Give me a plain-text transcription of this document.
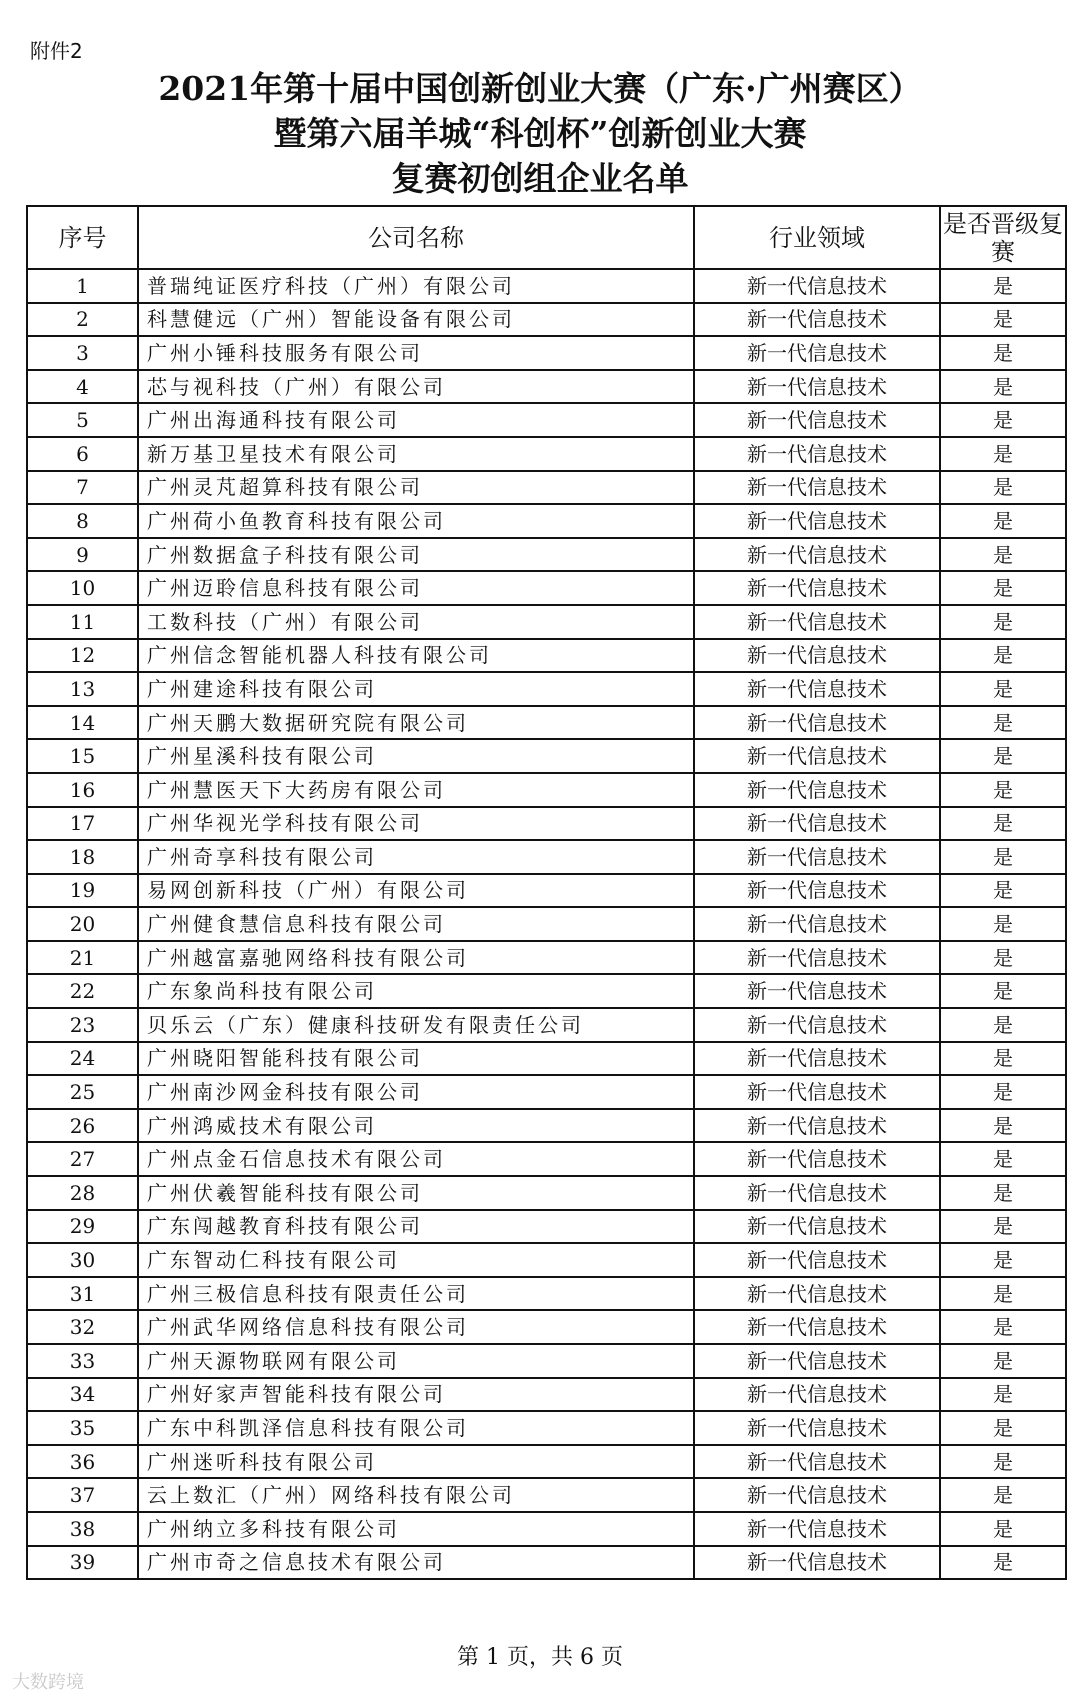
附件2
2021年第十届中国创新创业大赛（广东·广州赛区）
暨第六届羊城“科创杯”创新创业大赛
复赛初创组企业名单
序号	公司名称	行业领域	是否晋级复赛
1	普瑞纯证医疗科技（广州）有限公司	新一代信息技术	是
2	科慧健远（广州）智能设备有限公司	新一代信息技术	是
3	广州小锤科技服务有限公司	新一代信息技术	是
4	芯与视科技（广州）有限公司	新一代信息技术	是
5	广州出海通科技有限公司	新一代信息技术	是
6	新万基卫星技术有限公司	新一代信息技术	是
7	广州灵芃超算科技有限公司	新一代信息技术	是
8	广州荷小鱼教育科技有限公司	新一代信息技术	是
9	广州数据盒子科技有限公司	新一代信息技术	是
10	广州迈聆信息科技有限公司	新一代信息技术	是
11	工数科技（广州）有限公司	新一代信息技术	是
12	广州信念智能机器人科技有限公司	新一代信息技术	是
13	广州建途科技有限公司	新一代信息技术	是
14	广州天鹏大数据研究院有限公司	新一代信息技术	是
15	广州星溪科技有限公司	新一代信息技术	是
16	广州慧医天下大药房有限公司	新一代信息技术	是
17	广州华视光学科技有限公司	新一代信息技术	是
18	广州奇享科技有限公司	新一代信息技术	是
19	易网创新科技（广州）有限公司	新一代信息技术	是
20	广州健食慧信息科技有限公司	新一代信息技术	是
21	广州越富嘉驰网络科技有限公司	新一代信息技术	是
22	广东象尚科技有限公司	新一代信息技术	是
23	贝乐云（广东）健康科技研发有限责任公司	新一代信息技术	是
24	广州晓阳智能科技有限公司	新一代信息技术	是
25	广州南沙网金科技有限公司	新一代信息技术	是
26	广州鸿威技术有限公司	新一代信息技术	是
27	广州点金石信息技术有限公司	新一代信息技术	是
28	广州伏羲智能科技有限公司	新一代信息技术	是
29	广东闯越教育科技有限公司	新一代信息技术	是
30	广东智动仁科技有限公司	新一代信息技术	是
31	广州三极信息科技有限责任公司	新一代信息技术	是
32	广州武华网络信息科技有限公司	新一代信息技术	是
33	广州天源物联网有限公司	新一代信息技术	是
34	广州好家声智能科技有限公司	新一代信息技术	是
35	广东中科凯泽信息科技有限公司	新一代信息技术	是
36	广州迷听科技有限公司	新一代信息技术	是
37	云上数汇（广州）网络科技有限公司	新一代信息技术	是
38	广州纳立多科技有限公司	新一代信息技术	是
39	广州市奇之信息技术有限公司	新一代信息技术	是
第 1 页，共 6 页
大数跨境
